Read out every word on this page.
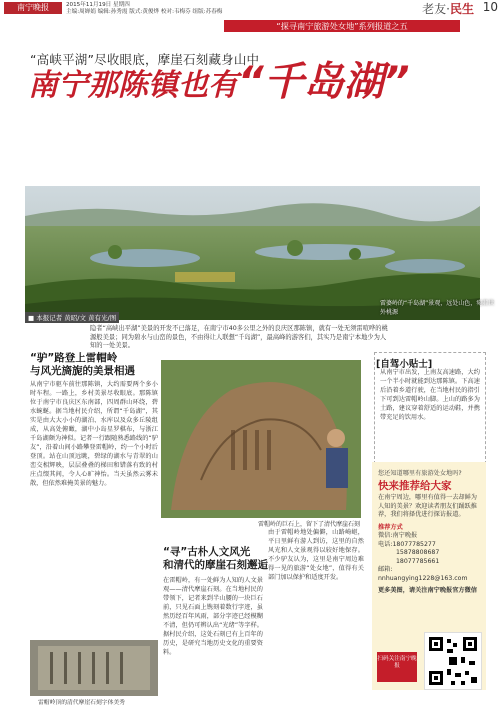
南宁晚报	2015年11月19日 星期四
主编:周婵娟 编辑:孙秀霞 版式:黄俊烨 校对:韦梅芬 组版:苏春梅	老友·民生 10
“探寻南宁旅游处女地”系列报道之五
“高峡平湖”尽收眼底，摩崖石刻藏身山中
南宁那陈镇也有“千岛湖”
雷婆岭的“千岛湖”景观，远处山色，宛若世外桃源
■ 本报记者 黄昭/文 黄有光/图
隐者“高峡出平湖”美景的开发不已落足，在南宁市40多公里之外的良庆区那陈镇，就有一处无须雷喧哗的桃源般美景；同为碧水与山峦的景色，不由得让人联想“千岛湖”，最高峰的游客们，其实乃是南宁本地少为人知的一处美景。
“驴”路登上雷帽岭
与风光旖旎的美景相遇
从南宁市驱车前往那陈镇，大约需要两个多小时车程。一路上，乡村美景尽收眼底。那陈镇位于南宁市良庆区东南部，四周群山环绕，碧水蜿蜒。据当地村民介绍，所谓“千岛湖”，其实是由大大小小的湖泊、水库以及众多丘陵组成，从高处俯瞰，湖中小岛星罗棋布，与浙江千岛湖颇为神似。记者一行跟随熟悉路线的“驴友”，沿着山间小路攀登雷帽岭，约一个小时后登顶。站在山顶远眺，碧绿的湖水与青翠的山峦交相辉映，层层叠叠的梯田和错落有致的村庄点缀其间，令人心旷神怡。当天虽然云雾未散，但依然难掩美景的魅力。
雷帽岭的巨石上，留下了清代摩崖石刻
“寻”古朴人文风光
和清代的摩崖石刻邂逅
在雷帽岭，有一处鲜为人知的人文景观——清代摩崖石刻。在当地村民的带领下，记者来到半山腰的一块巨石前，只见石面上镌刻着数行字迹，虽然历经百年风雨，部分字迹已经模糊不清，但仍可辨认出“光绪”等字样。据村民介绍，这处石刻已有上百年的历史，是研究当地历史文化的重要资料。
由于雷帽岭地处偏僻，山路崎岖，平日里鲜有游人到访，这里的自然风光和人文景观得以较好地保存。不少驴友认为，这里是南宁周边难得一见的旅游“处女地”，值得有关部门加以保护和适度开发。
雷帽岭顶的清代摩崖石刻字体美秀
[自驾小贴士]
从南宁市出发，上南友高速路，大约一个半小时就能到达那陈镇。下高速后沿着乡道行驶，在当地村民的指引下可到达雷帽岭山脚。上山的路多为土路，建议穿着舒适的运动鞋，并携带充足的饮用水。
您还知道哪里有旅游处女地吗?
快来推荐给大家
在南宁周边，哪里有值得一去却鲜为人知的美景？欢迎读者朋友们踊跃推荐，我们将择优进行探访报道。
推荐方式
微信:南宁晚报
电话:18077785277
15878808687
18077785661
邮箱:
nnhuangying1228@163.com
更多美图，请关注南宁晚报官方微信
扫码关注南宁晚报
